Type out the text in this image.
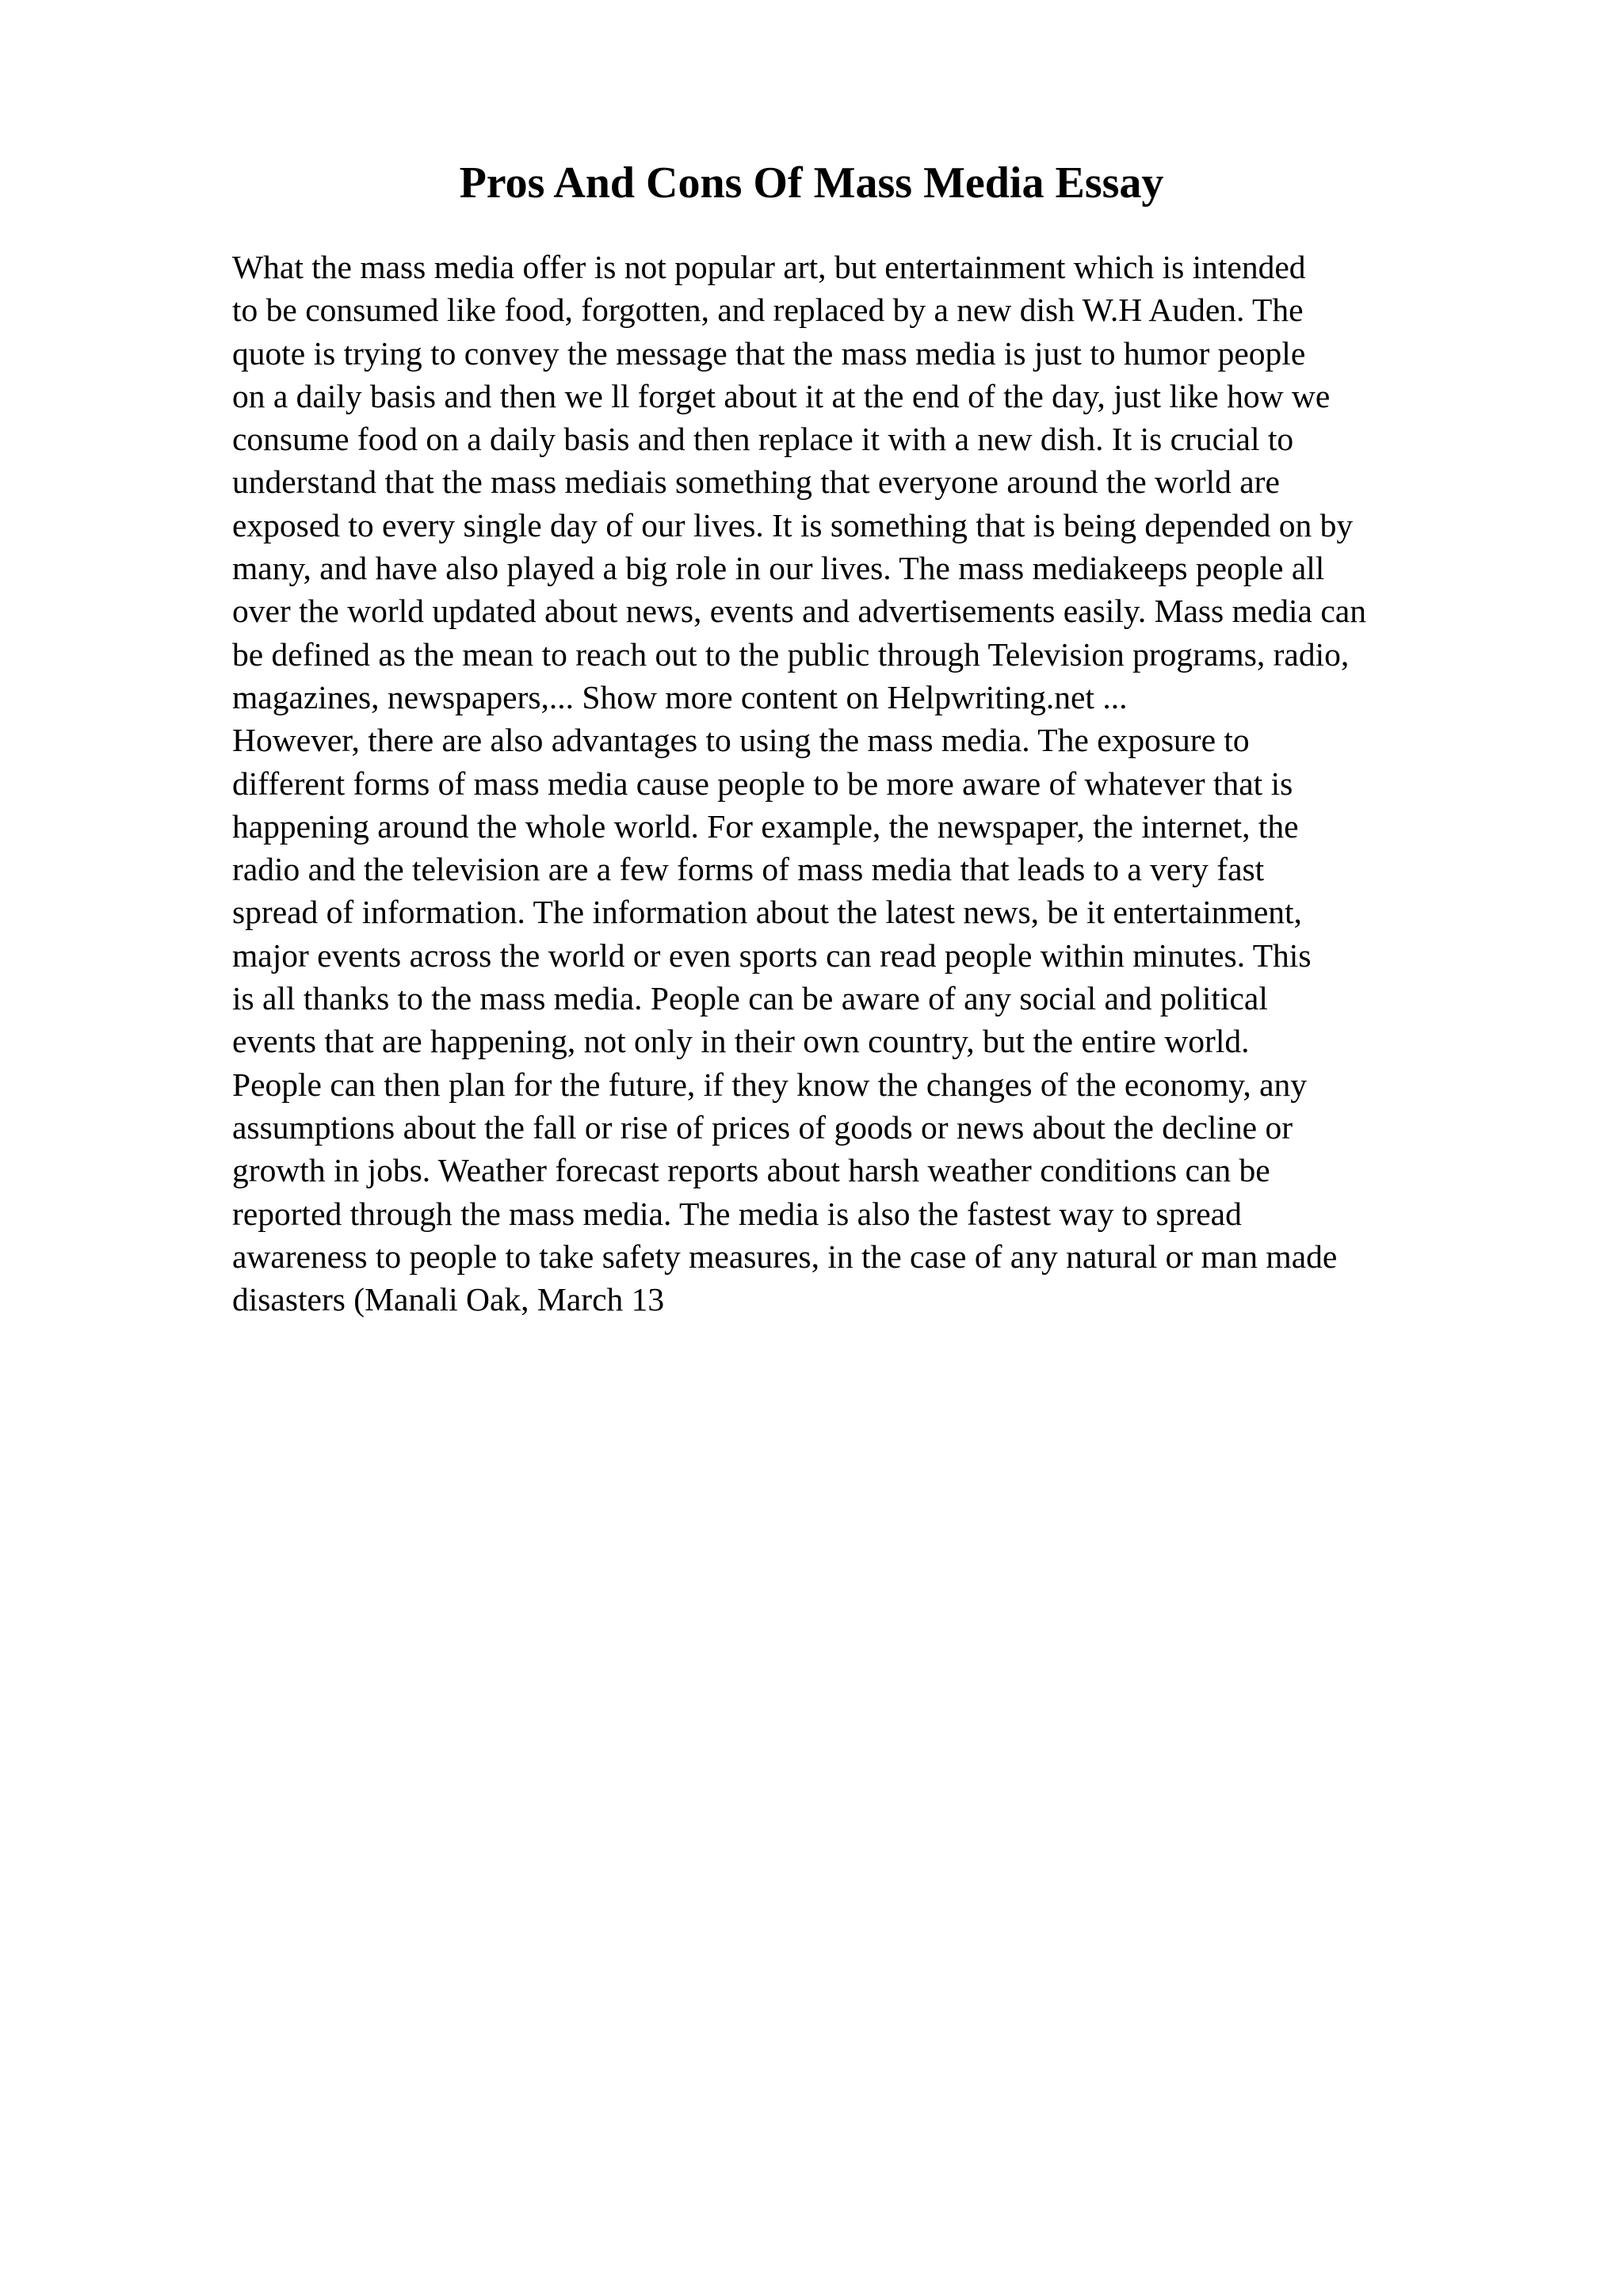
Pros And Cons Of Mass Media Essay
What the mass media offer is not popular art, but entertainment which is intended
to be consumed like food, forgotten, and replaced by a new dish W.H Auden. The
quote is trying to convey the message that the mass media is just to humor people
on a daily basis and then we ll forget about it at the end of the day, just like how we
consume food on a daily basis and then replace it with a new dish. It is crucial to
understand that the mass mediais something that everyone around the world are
exposed to every single day of our lives. It is something that is being depended on by
many, and have also played a big role in our lives. The mass mediakeeps people all
over the world updated about news, events and advertisements easily. Mass media can
be defined as the mean to reach out to the public through Television programs, radio,
magazines, newspapers,... Show more content on Helpwriting.net ...
However, there are also advantages to using the mass media. The exposure to
different forms of mass media cause people to be more aware of whatever that is
happening around the whole world. For example, the newspaper, the internet, the
radio and the television are a few forms of mass media that leads to a very fast
spread of information. The information about the latest news, be it entertainment,
major events across the world or even sports can read people within minutes. This
is all thanks to the mass media. People can be aware of any social and political
events that are happening, not only in their own country, but the entire world.
People can then plan for the future, if they know the changes of the economy, any
assumptions about the fall or rise of prices of goods or news about the decline or
growth in jobs. Weather forecast reports about harsh weather conditions can be
reported through the mass media. The media is also the fastest way to spread
awareness to people to take safety measures, in the case of any natural or man made
disasters (Manali Oak, March 13
